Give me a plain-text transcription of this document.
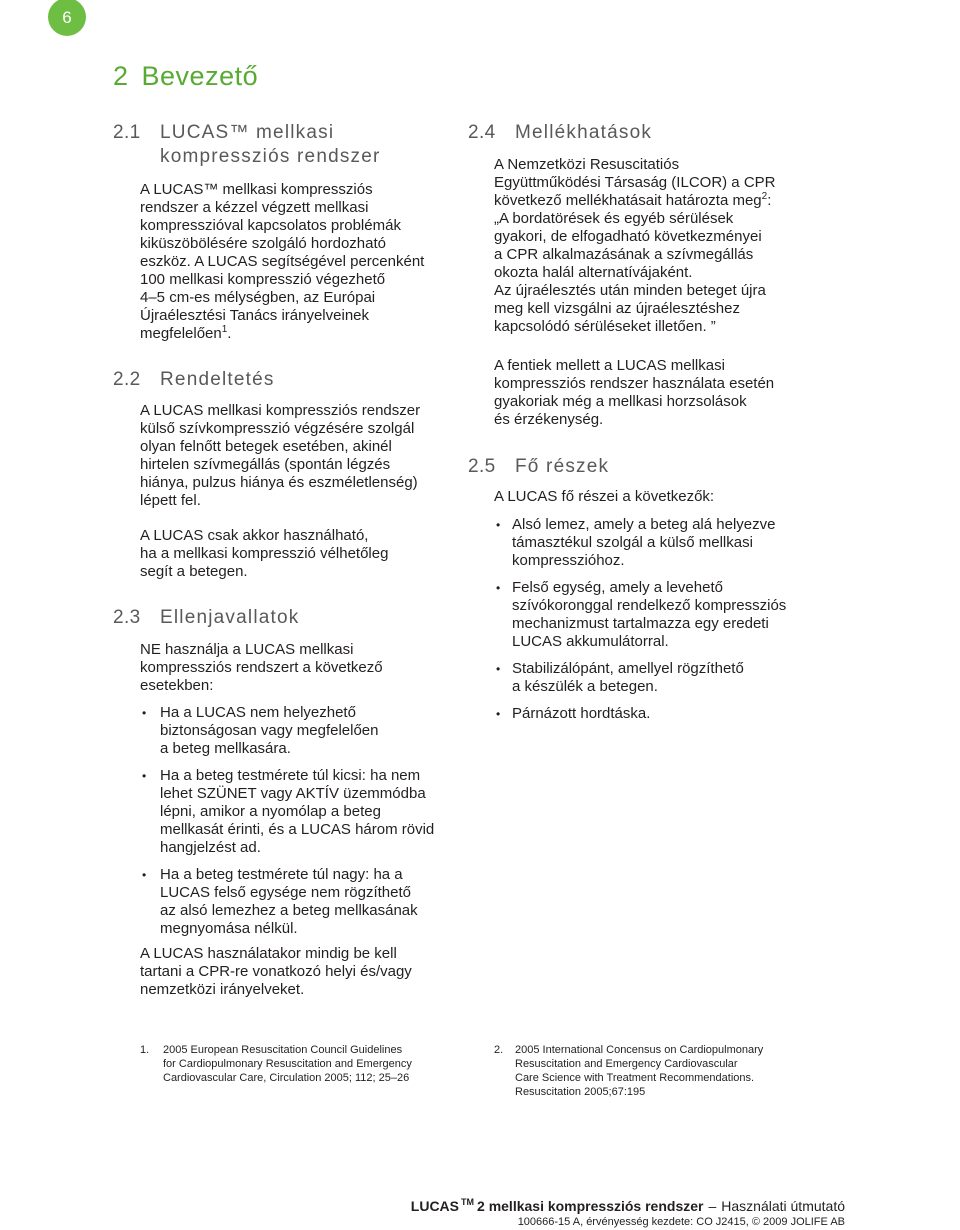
6
2 Bevezető
2.1	LUCAS™ mellkasi
kompressziós rendszer

A LUCAS™ mellkasi kompressziós
rendszer a kézzel végzett mellkasi
kompresszióval kapcsolatos problémák
kiküszöbölésére szolgáló hordozható
eszköz. A LUCAS segítségével percenként
100 mellkasi kompresszió végezhető
4–5 cm-es mélységben, az Európai
Újraélesztési Tanács irányelveinek
megfelelően$^1$.

2.2	Rendeltetés

A LUCAS mellkasi kompressziós rendszer
külső szívkompresszió végzésére szolgál
olyan felnőtt betegek esetében, akinél
hirtelen szívmegállás (spontán légzés
hiánya, pulzus hiánya és eszméletlenség)
lépett fel.

A LUCAS csak akkor használható,
ha a mellkasi kompresszió vélhetőleg
segít a betegen.

2.3	Ellenjavallatok

NE használja a LUCAS mellkasi
kompressziós rendszert a következő
esetekben:

• Ha a LUCAS nem helyezhető
biztonságosan vagy megfelelően
a beteg mellkasára.
• Ha a beteg testmérete túl kicsi: ha nem
lehet SZÜNET vagy AKTÍV üzemmódba
lépni, amikor a nyomólap a beteg
mellkasát érinti, és a LUCAS három rövid
hangjelzést ad.
• Ha a beteg testmérete túl nagy: ha a
LUCAS felső egysége nem rögzíthető
az alsó lemezhez a beteg mellkasának
megnyomása nélkül.

A LUCAS használatakor mindig be kell
tartani a CPR-re vonatkozó helyi és/vagy
nemzetközi irányelveket.

2.4	Mellékhatások

A Nemzetközi Resuscitatiós
Együttműködési Társaság (ILCOR) a CPR
következő mellékhatásait határozta meg$^2$:
„A bordatörések és egyéb sérülések
gyakori, de elfogadható következményei
a CPR alkalmazásának a szívmegállás
okozta halál alternatívájaként.
Az újraélesztés után minden beteget újra
meg kell vizsgálni az újraélesztéshez
kapcsolódó sérüléseket illetően. ”

A fentiek mellett a LUCAS mellkasi
kompressziós rendszer használata esetén
gyakoriak még a mellkasi horzsolások
és érzékenység.

2.5	Fő részek

A LUCAS fő részei a következők:

• Alsó lemez, amely a beteg alá helyezve
támasztékul szolgál a külső mellkasi
kompresszióhoz.
• Felső egység, amely a levehető
szívókoronggal rendelkező kompressziós
mechanizmust tartalmazza egy eredeti
LUCAS akkumulátorral.
• Stabilizálópánt, amellyel rögzíthető
a készülék a betegen.
• Párnázott hordtáska.
1. 2005 European Resuscitation Council Guidelines
for Cardiopulmonary Resuscitation and Emergency
Cardiovascular Care, Circulation 2005; 112; 25–26
2. 2005 International Concensus on Cardiopulmonary
Resuscitation and Emergency Cardiovascular
Care Science with Treatment Recommendations.
Resuscitation 2005;67:195
LUCAS ™ 2 mellkasi kompressziós rendszer – Használati útmutató
100666-15 A, érvényesség kezdete: CO J2415, © 2009 JOLIFE AB
